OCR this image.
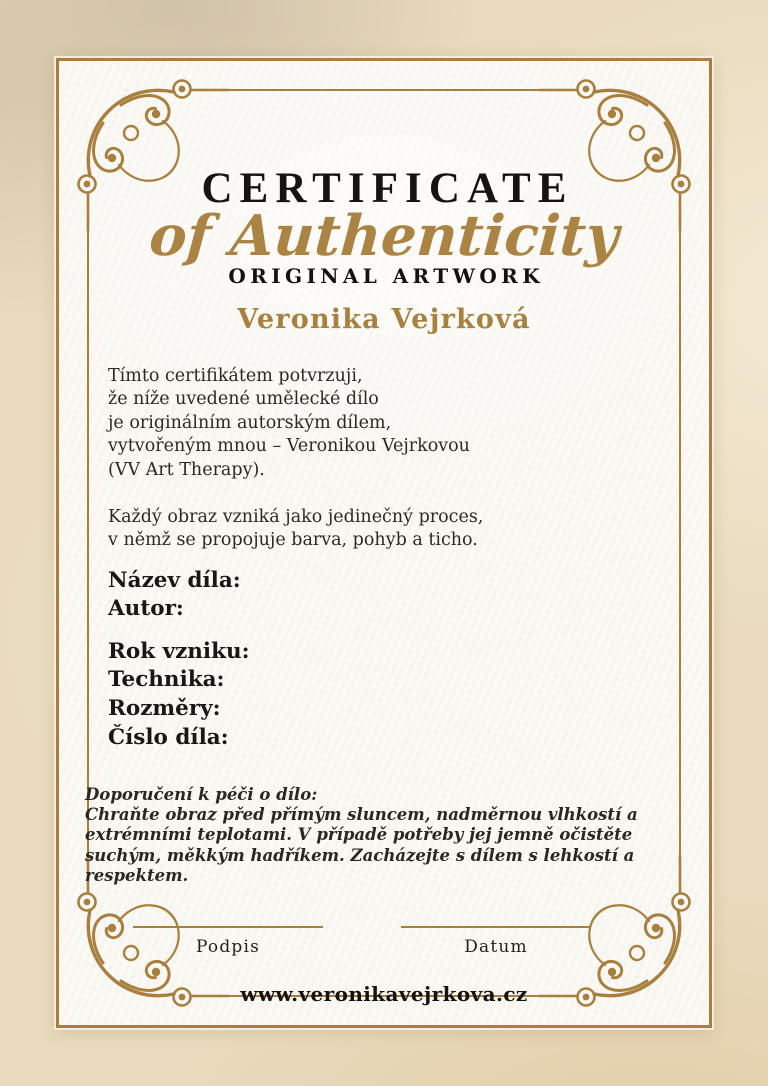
CERTIFICATE
of Authenticity
ORIGINAL ARTWORK
Veronika Vejrková
Tímto certifikátem potvrzuji,
že níže uvedené umělecké dílo
je originálním autorským dílem,
vytvořeným mnou – Veronikou Vejrkovou
(VV Art Therapy).
Každý obraz vzniká jako jedinečný proces,
v němž se propojuje barva, pohyb a ticho.
Název díla:
Autor:
Rok vzniku:
Technika:
Rozměry:
Číslo díla:
Doporučení k péči o dílo:
Chraňte obraz před přímým sluncem, nadměrnou vlhkostí a extrémními teplotami. V případě potřeby jej jemně očistěte suchým, měkkým hadříkem. Zacházejte s dílem s lehkostí a respektem.
Podpis	Datum
www.veronikavejrkova.cz
